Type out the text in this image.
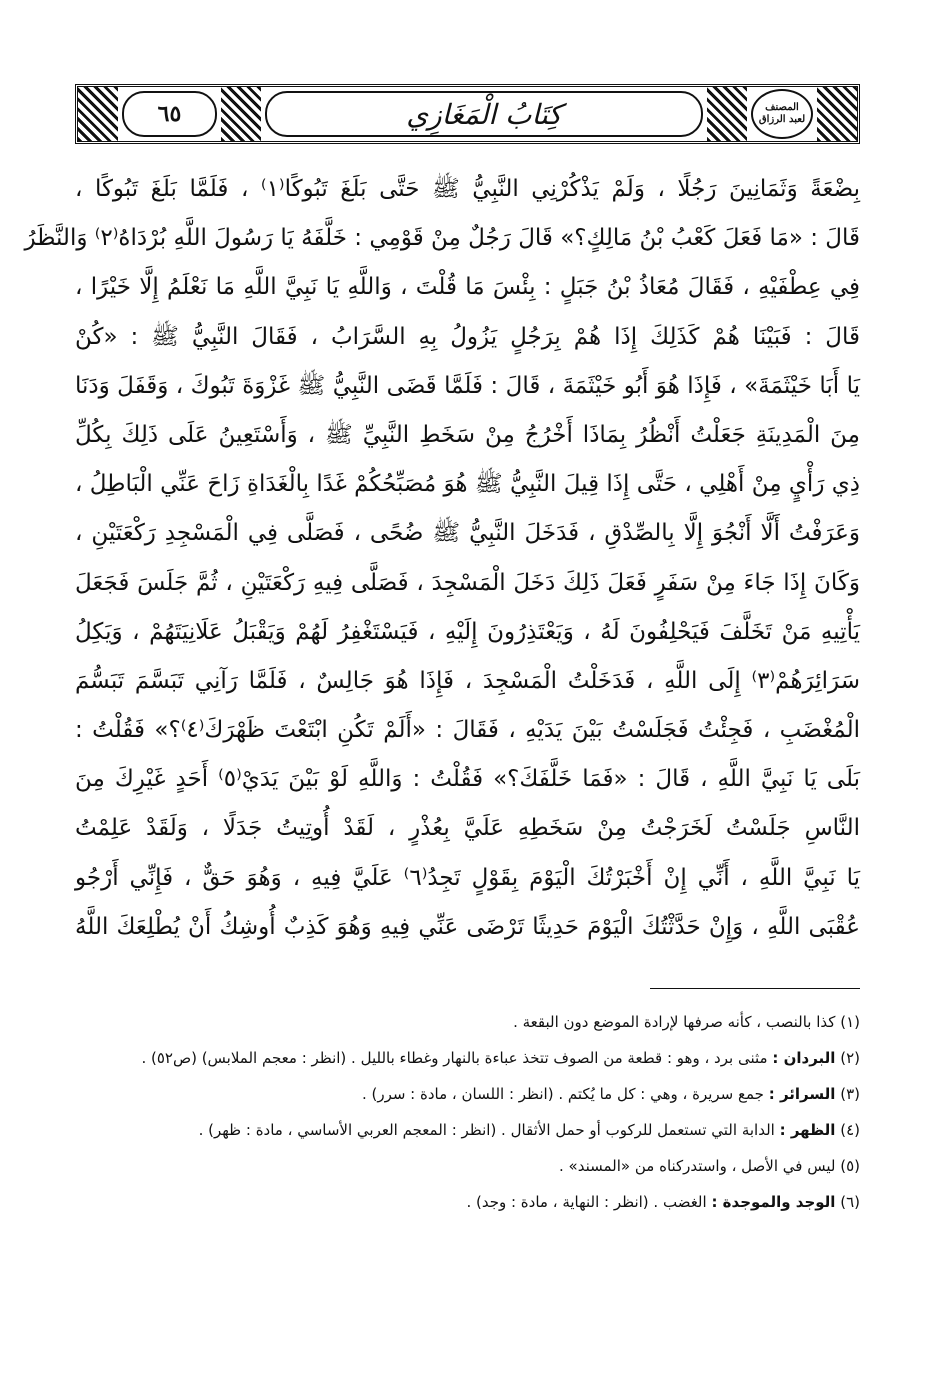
٦٥	كِتَابُ الْمَغَازِي	المصنف
لعبد الرزاق
بِضْعَةً وَثَمَانِينَ رَجُلًا ، وَلَمْ يَذْكُرْنِي النَّبِيُّ ﷺ حَتَّى بَلَغَ تَبُوكًا⁽١⁾ ، فَلَمَّا بَلَغَ تَبُوكًا ،
قَالَ : «مَا فَعَلَ كَعْبُ بْنُ مَالِكٍ؟» قَالَ رَجُلٌ مِنْ قَوْمِي : خَلَّفَهُ يَا رَسُولَ اللَّهِ بُرْدَاهُ⁽٢⁾ وَالنَّظَرُ
فِي عِطْفَيْهِ ، فَقَالَ مُعَاذُ بْنُ جَبَلٍ : بِئْسَ مَا قُلْتَ ، وَاللَّهِ يَا نَبِيَّ اللَّهِ مَا نَعْلَمُ إِلَّا خَيْرًا ،
قَالَ : فَبَيْنَا هُمْ كَذَلِكَ إِذَا هُمْ بِرَجُلٍ يَزُولُ بِهِ السَّرَابُ ، فَقَالَ النَّبِيُّ ﷺ : «كُنْ
يَا أَبَا خَيْثَمَةَ» ، فَإِذَا هُوَ أَبُو خَيْثَمَةَ ، قَالَ : فَلَمَّا قَضَى النَّبِيُّ ﷺ غَزْوَةَ تَبُوكَ ، وَقَفَلَ وَدَنَا
مِنَ الْمَدِينَةِ جَعَلْتُ أَنْظُرُ بِمَاذَا أَخْرُجُ مِنْ سَخَطِ النَّبِيِّ ﷺ ، وَأَسْتَعِينُ عَلَى ذَلِكَ بِكُلِّ
ذِي رَأْيٍ مِنْ أَهْلِي ، حَتَّى إِذَا قِيلَ النَّبِيُّ ﷺ هُوَ مُصَبِّحُكُمْ غَدًا بِالْغَدَاةِ زَاحَ عَنِّي الْبَاطِلُ ،
وَعَرَفْتُ أَلَّا أَنْجُوَ إِلَّا بِالصِّدْقِ ، فَدَخَلَ النَّبِيُّ ﷺ ضُحًى ، فَصَلَّى فِي الْمَسْجِدِ رَكْعَتَيْنِ ،
وَكَانَ إِذَا جَاءَ مِنْ سَفَرٍ فَعَلَ ذَلِكَ دَخَلَ الْمَسْجِدَ ، فَصَلَّى فِيهِ رَكْعَتَيْنِ ، ثُمَّ جَلَسَ فَجَعَلَ
يَأْتِيهِ مَنْ تَخَلَّفَ فَيَحْلِفُونَ لَهُ ، وَيَعْتَذِرُونَ إِلَيْهِ ، فَيَسْتَغْفِرُ لَهُمْ وَيَقْبَلُ عَلَانِيَتَهُمْ ، وَيَكِلُ
سَرَائِرَهُمْ⁽٣⁾ إِلَى اللَّهِ ، فَدَخَلْتُ الْمَسْجِدَ ، فَإِذَا هُوَ جَالِسٌ ، فَلَمَّا رَآنِي تَبَسَّمَ تَبَسُّمَ
الْمُغْضَبِ ، فَجِئْتُ فَجَلَسْتُ بَيْنَ يَدَيْهِ ، فَقَالَ : «أَلَمْ تَكُنِ ابْتَعْتَ ظَهْرَكَ⁽٤⁾؟» فَقُلْتُ :
بَلَى يَا نَبِيَّ اللَّهِ ، قَالَ : «فَمَا خَلَّفَكَ؟» فَقُلْتُ : وَاللَّهِ لَوْ بَيْنَ يَدَيْ⁽٥⁾ أَحَدٍ غَيْرِكَ مِنَ
النَّاسِ جَلَسْتُ لَخَرَجْتُ مِنْ سَخَطِهِ عَلَيَّ بِعُذْرٍ ، لَقَدْ أُوتِيتُ جَدَلًا ، وَلَقَدْ عَلِمْتُ
يَا نَبِيَّ اللَّهِ ، أَنِّي إِنْ أَخْبَرْتُكَ الْيَوْمَ بِقَوْلٍ تَجِدُ⁽٦⁾ عَلَيَّ فِيهِ ، وَهُوَ حَقٌّ ، فَإِنِّي أَرْجُو
عُقْبَى اللَّهِ ، وَإِنْ حَدَّثْتُكَ الْيَوْمَ حَدِيثًا تَرْضَى عَنِّي فِيهِ وَهُوَ كَذِبٌ أُوشِكُ أَنْ يُطْلِعَكَ اللَّهُ
(١) كذا بالنصب ، كأنه صرفها لإرادة الموضع دون البقعة .
(٢) البردان : مثنى برد ، وهو : قطعة من الصوف تتخذ عباءة بالنهار وغطاء بالليل . (انظر : معجم الملابس) (ص٥٢) .
(٣) السرائر : جمع سريرة ، وهي : كل ما يُكتم . (انظر : اللسان ، مادة : سرر) .
(٤) الظهر : الدابة التي تستعمل للركوب أو حمل الأثقال . (انظر : المعجم العربي الأساسي ، مادة : ظهر) .
(٥) ليس في الأصل ، واستدركناه من «المسند» .
(٦) الوجد والموجدة : الغضب . (انظر : النهاية ، مادة : وجد) .
